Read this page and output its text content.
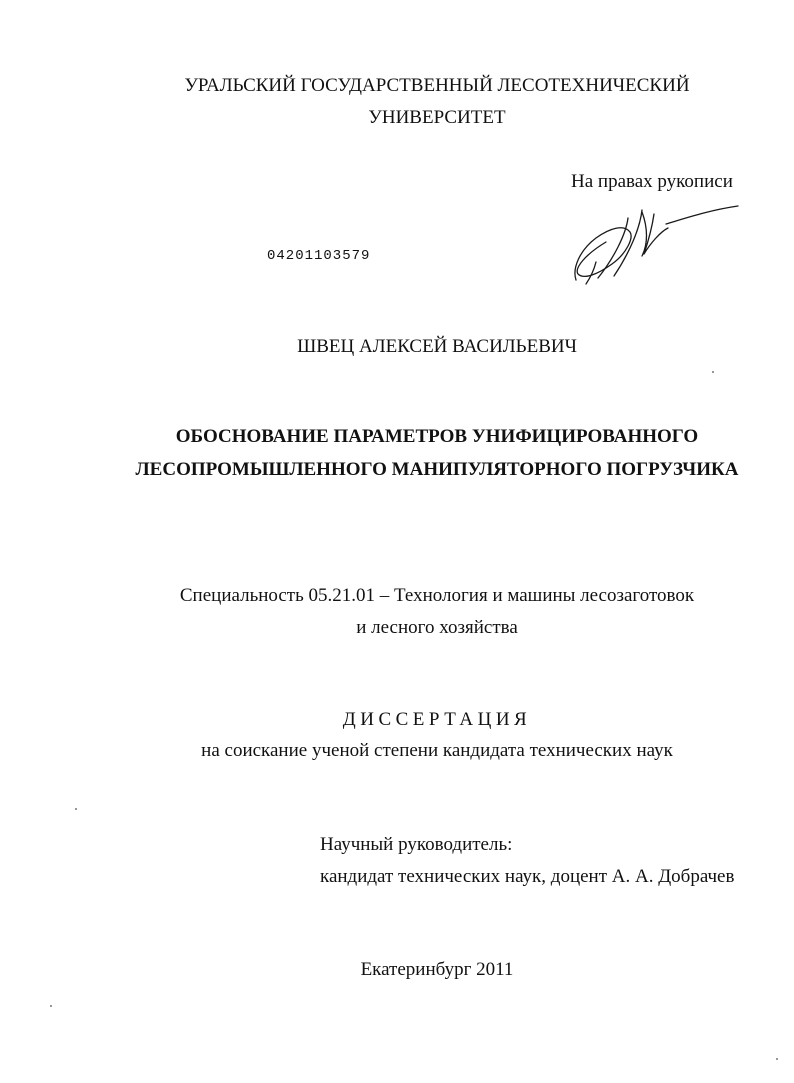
УРАЛЬСКИЙ ГОСУДАРСТВЕННЫЙ ЛЕСОТЕХНИЧЕСКИЙ
УНИВЕРСИТЕТ
На правах рукописи
04201103579
ШВЕЦ АЛЕКСЕЙ ВАСИЛЬЕВИЧ
ОБОСНОВАНИЕ ПАРАМЕТРОВ УНИФИЦИРОВАННОГО
ЛЕСОПРОМЫШЛЕННОГО МАНИПУЛЯТОРНОГО ПОГРУЗЧИКА
Специальность 05.21.01 – Технология и машины лесозаготовок
и лесного хозяйства
ДИССЕРТАЦИЯ
на соискание ученой степени кандидата технических наук
Научный руководитель:
кандидат технических наук, доцент А. А. Добрачев
Екатеринбург 2011
